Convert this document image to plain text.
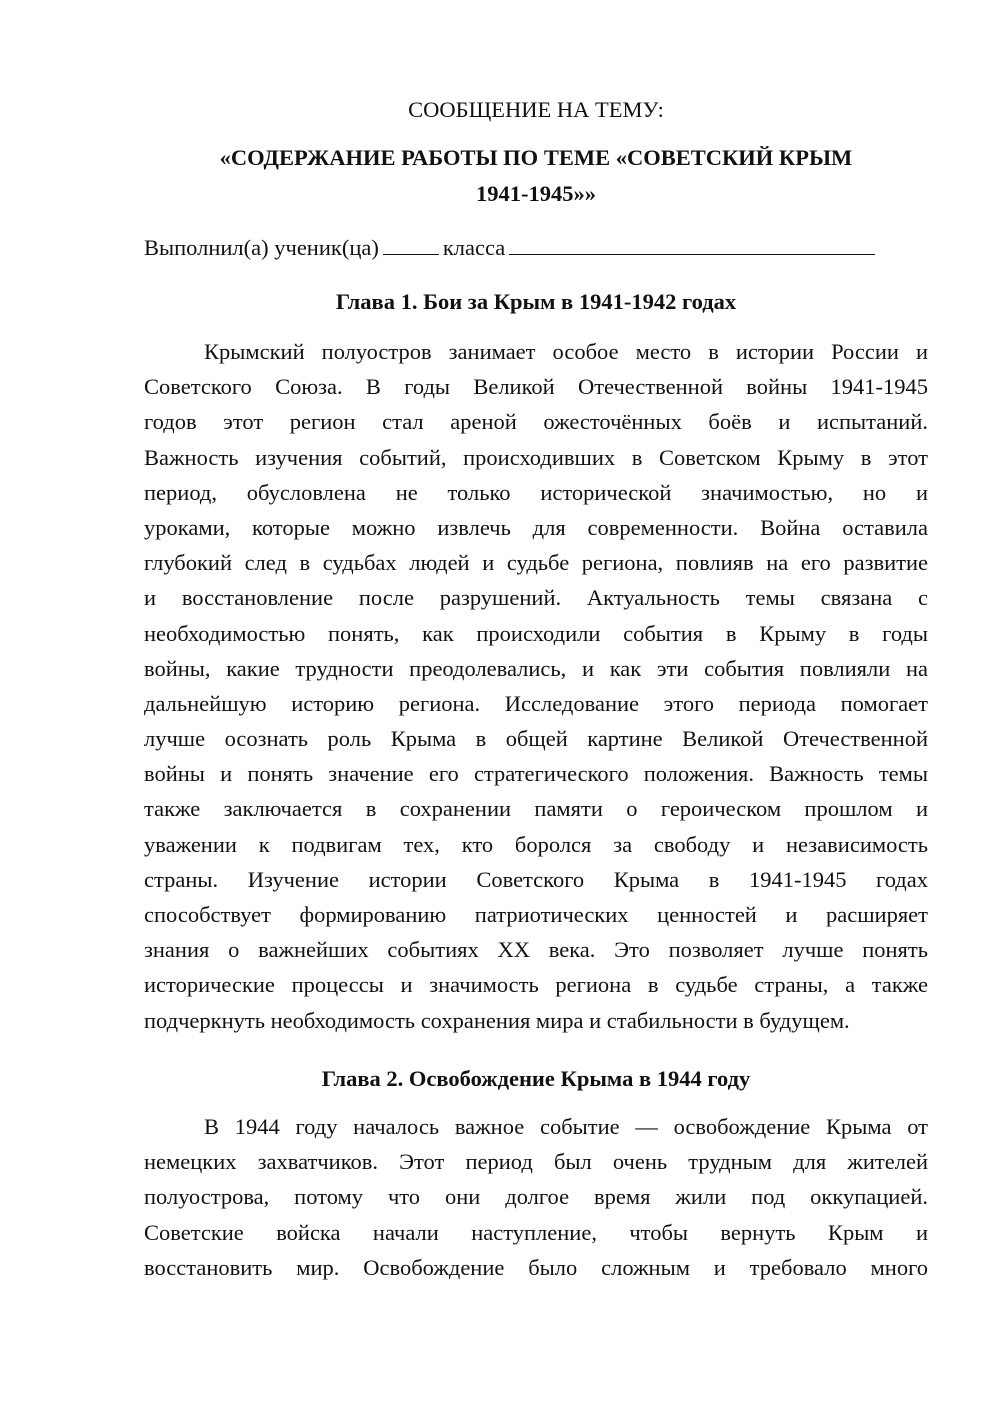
СООБЩЕНИЕ НА ТЕМУ:
«СОДЕРЖАНИЕ РАБОТЫ ПО ТЕМЕ «СОВЕТСКИЙ КРЫМ
1941-1945»»
Выполнил(а) ученик(ца)	класса
Глава 1. Бои за Крым в 1941-1942 годах
Крымский полуостров занимает особое место в истории России и
Советского Союза. В годы Великой Отечественной войны 1941-1945
годов этот регион стал ареной ожесточённых боёв и испытаний.
Важность изучения событий, происходивших в Советском Крыму в этот
период, обусловлена не только исторической значимостью, но и
уроками, которые можно извлечь для современности. Война оставила
глубокий след в судьбах людей и судьбе региона, повлияв на его развитие
и восстановление после разрушений. Актуальность темы связана с
необходимостью понять, как происходили события в Крыму в годы
войны, какие трудности преодолевались, и как эти события повлияли на
дальнейшую историю региона. Исследование этого периода помогает
лучше осознать роль Крыма в общей картине Великой Отечественной
войны и понять значение его стратегического положения. Важность темы
также заключается в сохранении памяти о героическом прошлом и
уважении к подвигам тех, кто боролся за свободу и независимость
страны. Изучение истории Советского Крыма в 1941-1945 годах
способствует формированию патриотических ценностей и расширяет
знания о важнейших событиях XX века. Это позволяет лучше понять
исторические процессы и значимость региона в судьбе страны, а также
подчеркнуть необходимость сохранения мира и стабильности в будущем.
Глава 2. Освобождение Крыма в 1944 году
В 1944 году началось важное событие — освобождение Крыма от
немецких захватчиков. Этот период был очень трудным для жителей
полуострова, потому что они долгое время жили под оккупацией.
Советские войска начали наступление, чтобы вернуть Крым и
восстановить мир. Освобождение было сложным и требовало много
